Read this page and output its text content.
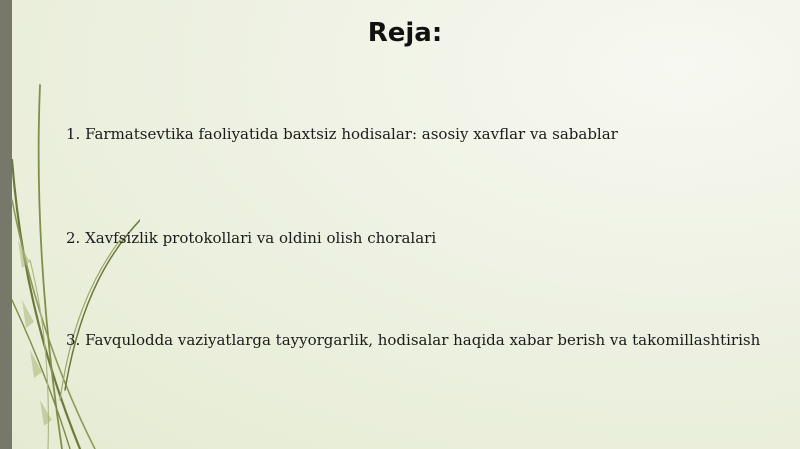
Reja:
1. Farmatsevtika faoliyatida baxtsiz hodisalar: asosiy xavflar va sabablar
2. Xavfsizlik protokollari va oldini olish choralari
3. Favqulodda vaziyatlarga tayyorgarlik, hodisalar haqida xabar berish va takomillashtirish
